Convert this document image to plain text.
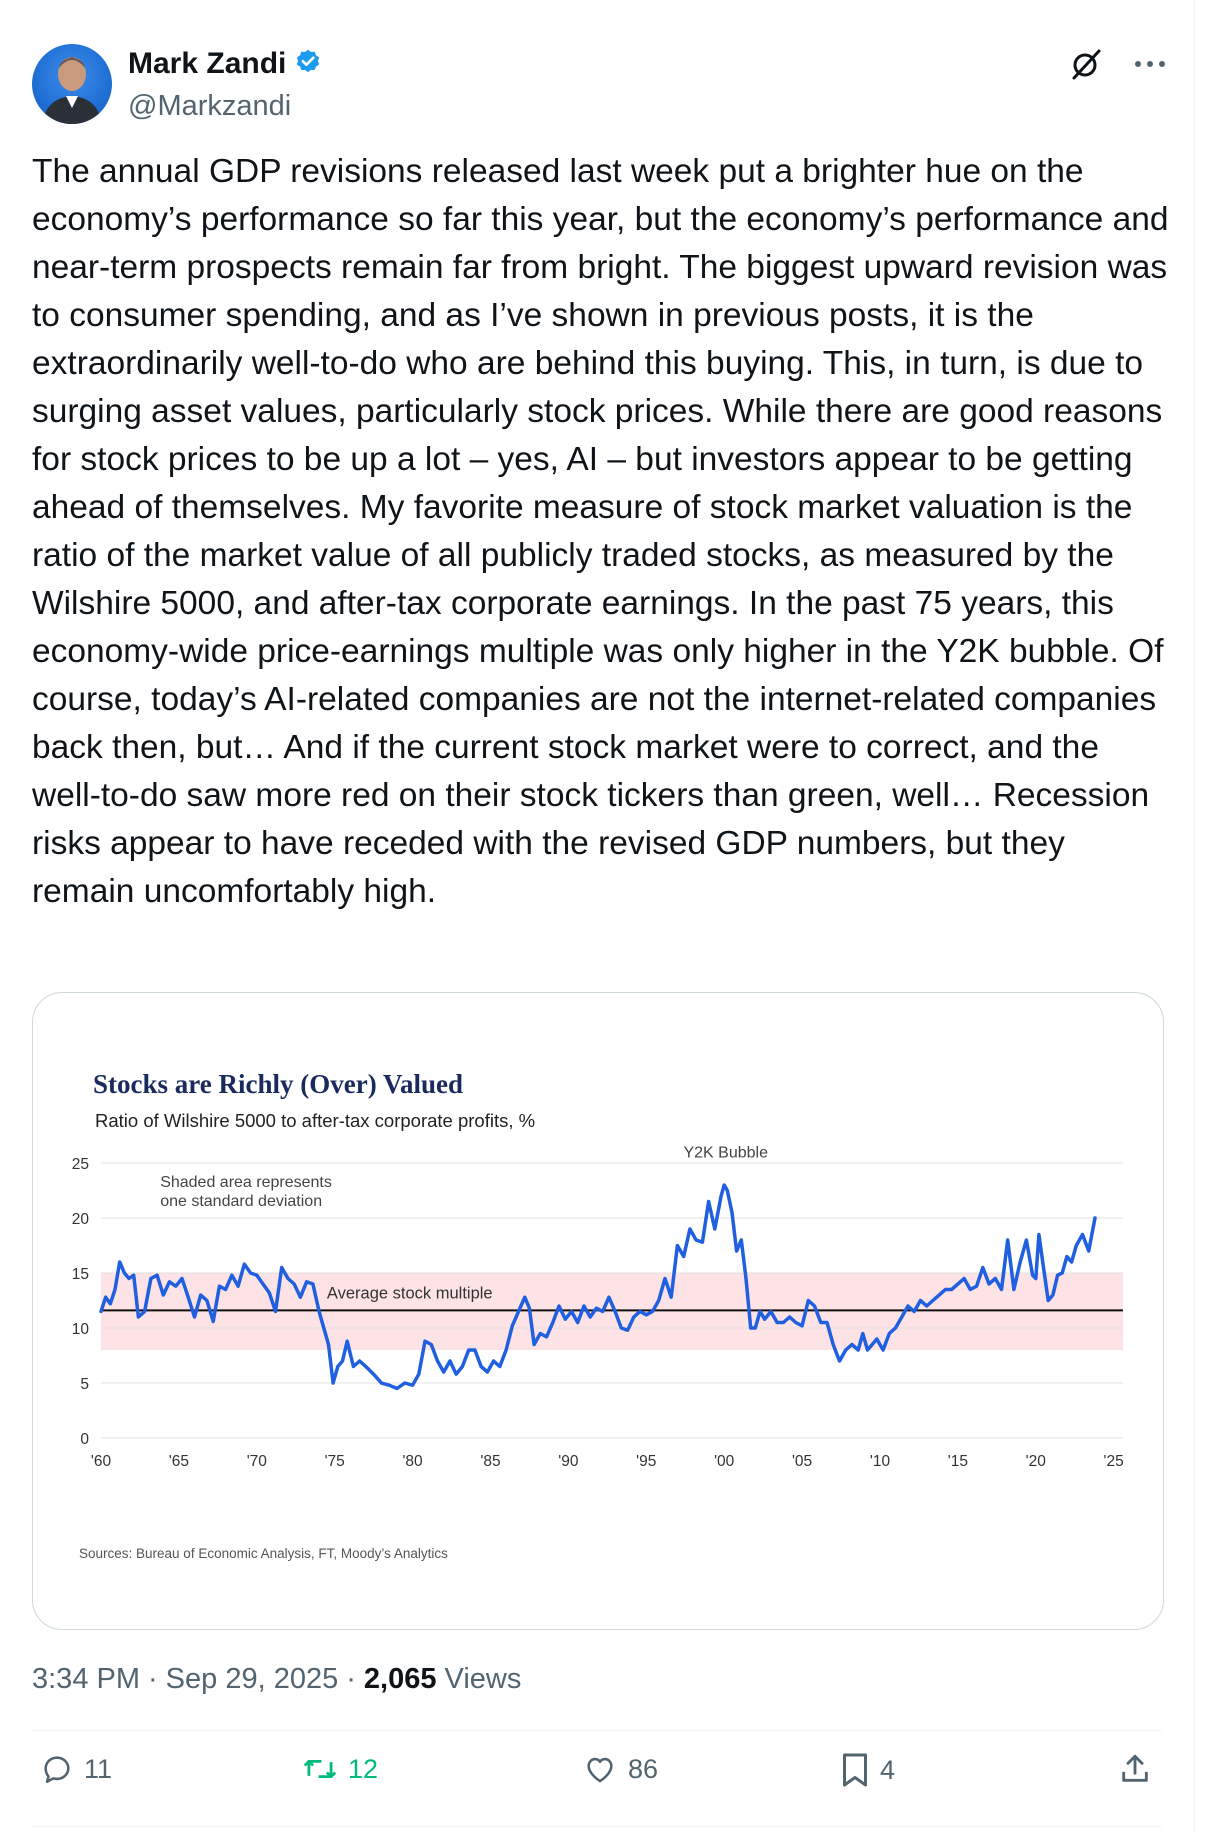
Mark Zandi
@Markzandi

The annual GDP revisions released last week put a brighter hue on the economy’s performance so far this year, but the economy’s performance and near-term prospects remain far from bright. The biggest upward revision was to consumer spending, and as I’ve shown in previous posts, it is the extraordinarily well-to-do who are behind this buying. This, in turn, is due to surging asset values, particularly stock prices. While there are good reasons for stock prices to be up a lot – yes, AI – but investors appear to be getting ahead of themselves. My favorite measure of stock market valuation is the ratio of the market value of all publicly traded stocks, as measured by the Wilshire 5000, and after-tax corporate earnings. In the past 75 years, this economy-wide price-earnings multiple was only higher in the Y2K bubble. Of course, today’s AI-related companies are not the internet-related companies back then, but… And if the current stock market were to correct, and the well-to-do saw more red on their stock tickers than green, well… Recession risks appear to have receded with the revised GDP numbers, but they remain uncomfortably high.

Stocks are Richly (Over) Valued
Ratio of Wilshire 5000 to after-tax corporate profits, %
0
5
10
15
20
25
'60	'65	'70	'75	'80	'85	'90	'95	'00	'05	'10	'15	'20	'25
Average stock multiple
Shaded area represents
one standard deviation
Y2K Bubble
Sources: Bureau of Economic Analysis, FT, Moody’s Analytics
3:34 PM · Sep 29, 2025 · 2,065 Views
11	12	86	4
